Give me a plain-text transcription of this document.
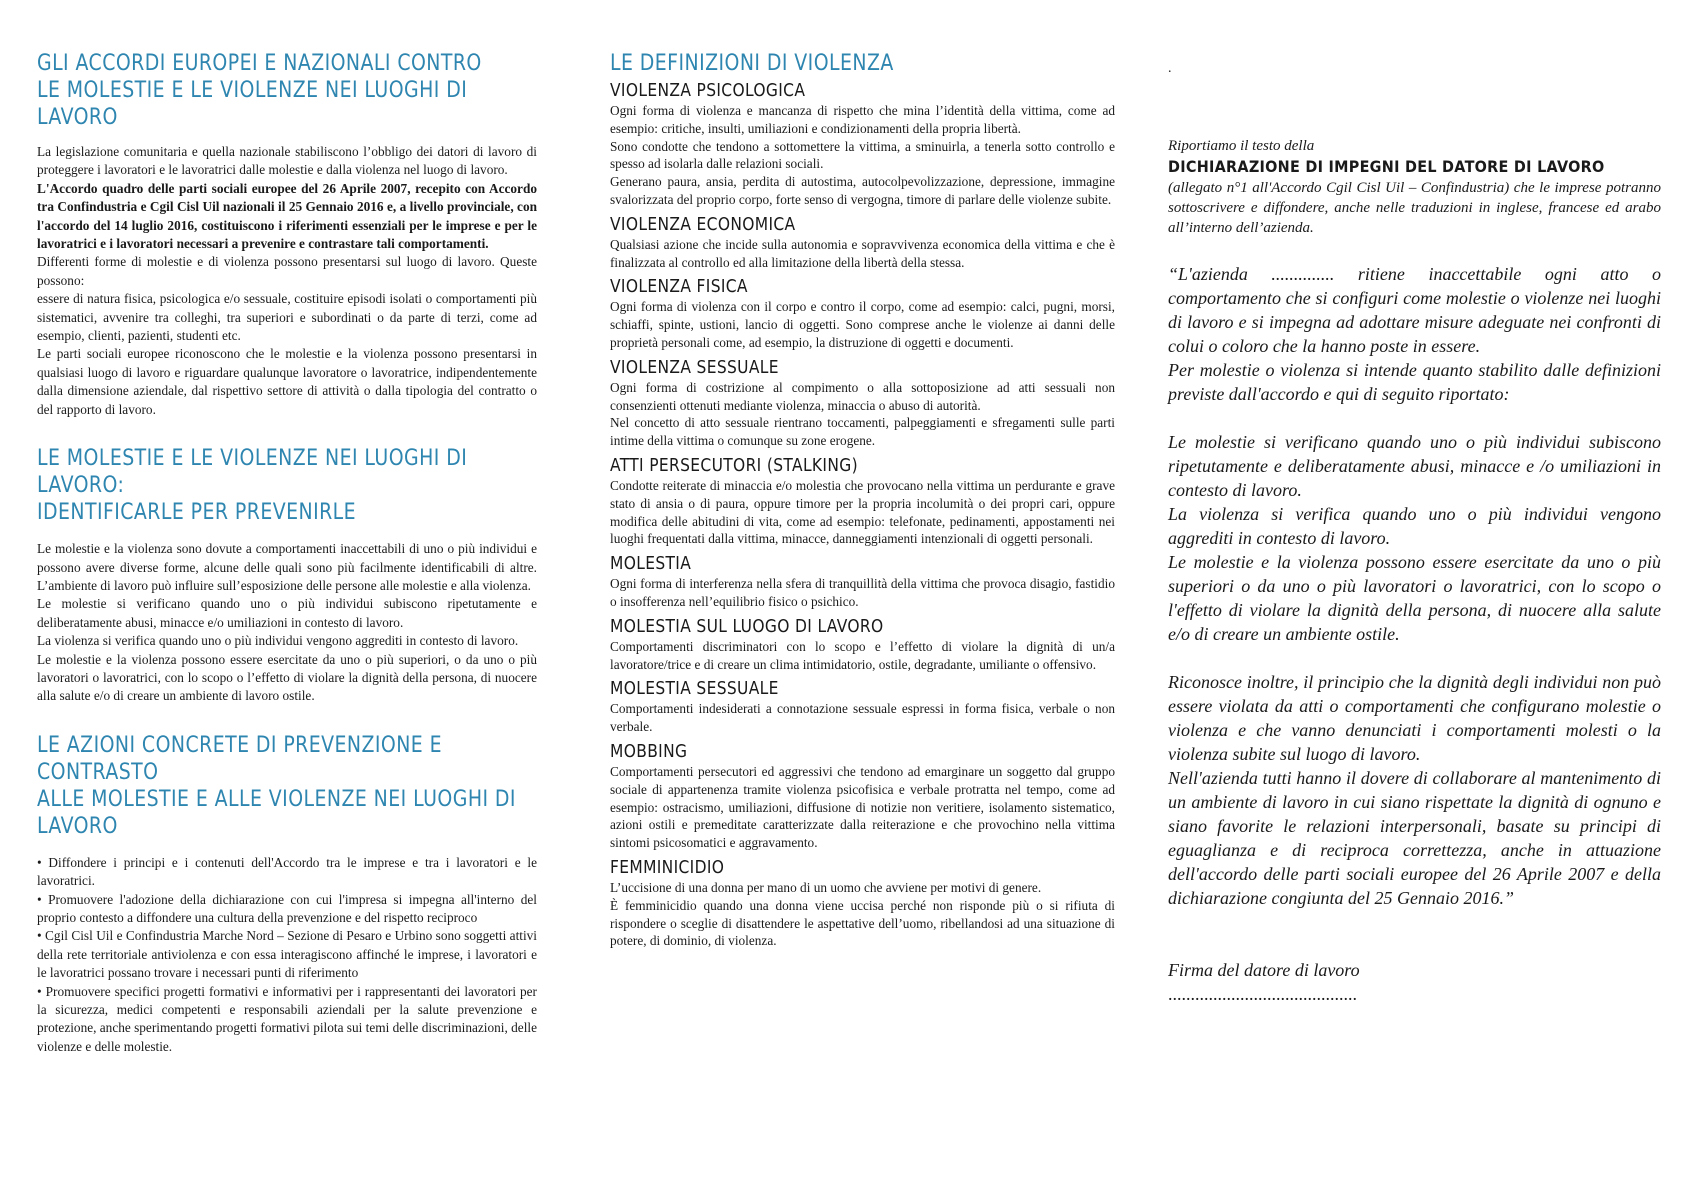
GLI ACCORDI EUROPEI E NAZIONALI CONTRO
LE MOLESTIE E LE VIOLENZE NEI LUOGHI DI LAVORO

La legislazione comunitaria e quella nazionale stabiliscono l’obbligo dei datori di lavoro di proteggere i lavoratori e le lavoratrici dalle molestie e dalla violenza nel luogo di lavoro.

L'Accordo quadro delle parti sociali europee del 26 Aprile 2007, recepito con Accordo tra Confindustria e Cgil Cisl Uil nazionali il 25 Gennaio 2016 e, a livello provinciale, con l'accordo del 14 luglio 2016, costituiscono i riferimenti essenziali per le imprese e per le lavoratrici e i lavoratori necessari a prevenire e contrastare tali comportamenti.

Differenti forme di molestie e di violenza possono presentarsi sul luogo di lavoro. Queste possono:

essere di natura fisica, psicologica e/o sessuale, costituire episodi isolati o comportamenti più sistematici, avvenire tra colleghi, tra superiori e subordinati o da parte di terzi, come ad esempio, clienti, pazienti, studenti etc.

Le parti sociali europee riconoscono che le molestie e la violenza possono presentarsi in qualsiasi luogo di lavoro e riguardare qualunque lavoratore o lavoratrice, indipendentemente dalla dimensione aziendale, dal rispettivo settore di attività o dalla tipologia del contratto o del rapporto di lavoro.

LE MOLESTIE E LE VIOLENZE NEI LUOGHI DI LAVORO:
IDENTIFICARLE PER PREVENIRLE

Le molestie e la violenza sono dovute a comportamenti inaccettabili di uno o più individui e possono avere diverse forme, alcune delle quali sono più facilmente identificabili di altre. L’ambiente di lavoro può influire sull’esposizione delle persone alle molestie e alla violenza.

Le molestie si verificano quando uno o più individui subiscono ripetutamente e deliberatamente abusi, minacce e/o umiliazioni in contesto di lavoro.

La violenza si verifica quando uno o più individui vengono aggrediti in contesto di lavoro.

Le molestie e la violenza possono essere esercitate da uno o più superiori, o da uno o più lavoratori o lavoratrici, con lo scopo o l’effetto di violare la dignità della persona, di nuocere alla salute e/o di creare un ambiente di lavoro ostile.

LE AZIONI CONCRETE DI PREVENZIONE E CONTRASTO
ALLE MOLESTIE E ALLE VIOLENZE NEI LUOGHI DI LAVORO

• Diffondere i principi e i contenuti dell'Accordo tra le imprese e tra i lavoratori e le lavoratrici.

• Promuovere l'adozione della dichiarazione con cui l'impresa si impegna all'interno del proprio contesto a diffondere una cultura della prevenzione e del rispetto reciproco

• Cgil Cisl Uil e Confindustria Marche Nord – Sezione di Pesaro e Urbino sono soggetti attivi della rete territoriale antiviolenza e con essa interagiscono affinché le imprese, i lavoratori e le lavoratrici possano trovare i necessari punti di riferimento

• Promuovere specifici progetti formativi e informativi per i rappresentanti dei lavoratori per la sicurezza, medici competenti e responsabili aziendali per la salute prevenzione e protezione, anche sperimentando progetti formativi pilota sui temi delle discriminazioni, delle violenze e delle molestie.

LE DEFINIZIONI DI VIOLENZA
VIOLENZA PSICOLOGICA

Ogni forma di violenza e mancanza di rispetto che mina l’identità della vittima, come ad esempio: critiche, insulti, umiliazioni e condizionamenti della propria libertà.
Sono condotte che tendono a sottomettere la vittima, a sminuirla, a tenerla sotto controllo e spesso ad isolarla dalle relazioni sociali.
Generano paura, ansia, perdita di autostima, autocolpevolizzazione, depressione, immagine svalorizzata del proprio corpo, forte senso di vergogna, timore di parlare delle violenze subite.

VIOLENZA ECONOMICA

Qualsiasi azione che incide sulla autonomia e sopravvivenza economica della vittima e che è finalizzata al controllo ed alla limitazione della libertà della stessa.

VIOLENZA FISICA

Ogni forma di violenza con il corpo e contro il corpo, come ad esempio: calci, pugni, morsi, schiaffi, spinte, ustioni, lancio di oggetti. Sono comprese anche le violenze ai danni delle proprietà personali come, ad esempio, la distruzione di oggetti e documenti.

VIOLENZA SESSUALE

Ogni forma di costrizione al compimento o alla sottoposizione ad atti sessuali non consenzienti ottenuti mediante violenza, minaccia o abuso di autorità.
Nel concetto di atto sessuale rientrano toccamenti, palpeggiamenti e sfregamenti sulle parti intime della vittima o comunque su zone erogene.

ATTI PERSECUTORI (STALKING)

Condotte reiterate di minaccia e/o molestia che provocano nella vittima un perdurante e grave stato di ansia o di paura, oppure timore per la propria incolumità o dei propri cari, oppure modifica delle abitudini di vita, come ad esempio: telefonate, pedinamenti, appostamenti nei luoghi frequentati dalla vittima, minacce, danneggiamenti intenzionali di oggetti personali.

MOLESTIA

Ogni forma di interferenza nella sfera di tranquillità della vittima che provoca disagio, fastidio o insofferenza nell’equilibrio fisico o psichico.

MOLESTIA SUL LUOGO DI LAVORO

Comportamenti discriminatori con lo scopo e l’effetto di violare la dignità di un/a lavoratore/trice e di creare un clima intimidatorio, ostile, degradante, umiliante o offensivo.

MOLESTIA SESSUALE

Comportamenti indesiderati a connotazione sessuale espressi in forma fisica, verbale o non verbale.

MOBBING

Comportamenti persecutori ed aggressivi che tendono ad emarginare un soggetto dal gruppo sociale di appartenenza tramite violenza psicofisica e verbale protratta nel tempo, come ad esempio: ostracismo, umiliazioni, diffusione di notizie non veritiere, isolamento sistematico, azioni ostili e premeditate caratterizzate dalla reiterazione e che provochino nella vittima sintomi psicosomatici e aggravamento.

FEMMINICIDIO

L’uccisione di una donna per mano di un uomo che avviene per motivi di genere.
È femminicidio quando una donna viene uccisa perché non risponde più o si rifiuta di rispondere o sceglie di disattendere le aspettative dell’uomo, ribellandosi ad una situazione di potere, di dominio, di violenza.

.

Riportiamo il testo della

DICHIARAZIONE DI IMPEGNI DEL DATORE DI LAVORO

(allegato n°1 all'Accordo Cgil Cisl Uil – Confindustria) che le imprese potranno sottoscrivere e diffondere, anche nelle traduzioni in inglese, francese ed arabo all’interno dell’azienda.

“L'azienda .............. ritiene inaccettabile ogni atto o comportamento che si configuri come molestie o violenze nei luoghi di lavoro e si impegna ad adottare misure adeguate nei confronti di colui o coloro che la hanno poste in essere.

Per molestie o violenza si intende quanto stabilito dalle definizioni previste dall'accordo e qui di seguito riportato:

Le molestie si verificano quando uno o più individui subiscono ripetutamente e deliberatamente abusi, minacce e /o umiliazioni in contesto di lavoro.

La violenza si verifica quando uno o più individui vengono aggrediti in contesto di lavoro.

Le molestie e la violenza possono essere esercitate da uno o più superiori o da uno o più lavoratori o lavoratrici, con lo scopo o l'effetto di violare la dignità della persona, di nuocere alla salute e/o di creare un ambiente ostile.

Riconosce inoltre, il principio che la dignità degli individui non può essere violata da atti o comportamenti che configurano molestie o violenza e che vanno denunciati i comportamenti molesti o la violenza subite sul luogo di lavoro.

Nell'azienda tutti hanno il dovere di collaborare al mantenimento di un ambiente di lavoro in cui siano rispettate la dignità di ognuno e siano favorite le relazioni interpersonali, basate su principi di eguaglianza e di reciproca correttezza, anche in attuazione dell'accordo delle parti sociali europee del 26 Aprile 2007 e della dichiarazione congiunta del 25 Gennaio 2016.”

Firma del datore di lavoro

..........................................
